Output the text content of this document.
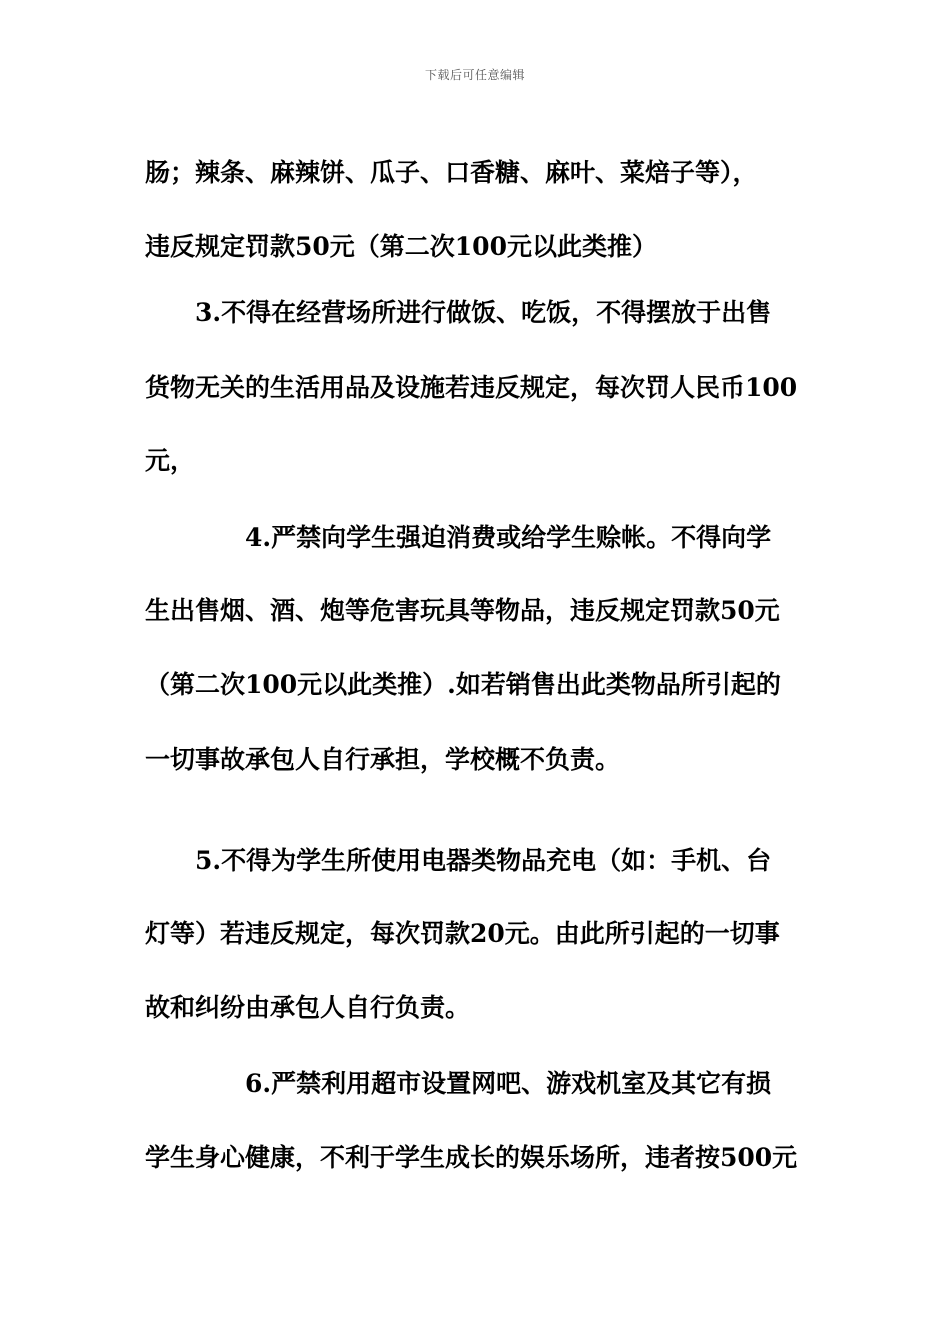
下载后可任意编辑
肠；辣条、麻辣饼、瓜子、口香糖、麻叶、菜焙子等），
违反规定罚款50元（第二次100元以此类推）
3.不得在经营场所进行做饭、吃饭，不得摆放于出售
货物无关的生活用品及设施若违反规定，每次罚人民币100
元，
4.严禁向学生强迫消费或给学生赊帐。不得向学
生出售烟、酒、炮等危害玩具等物品，违反规定罚款50元
（第二次100元以此类推）.如若销售出此类物品所引起的
一切事故承包人自行承担，学校概不负责。
5.不得为学生所使用电器类物品充电（如：手机、台
灯等）若违反规定，每次罚款20元。由此所引起的一切事
故和纠纷由承包人自行负责。
6.严禁利用超市设置网吧、游戏机室及其它有损
学生身心健康，不利于学生成长的娱乐场所，违者按500元
